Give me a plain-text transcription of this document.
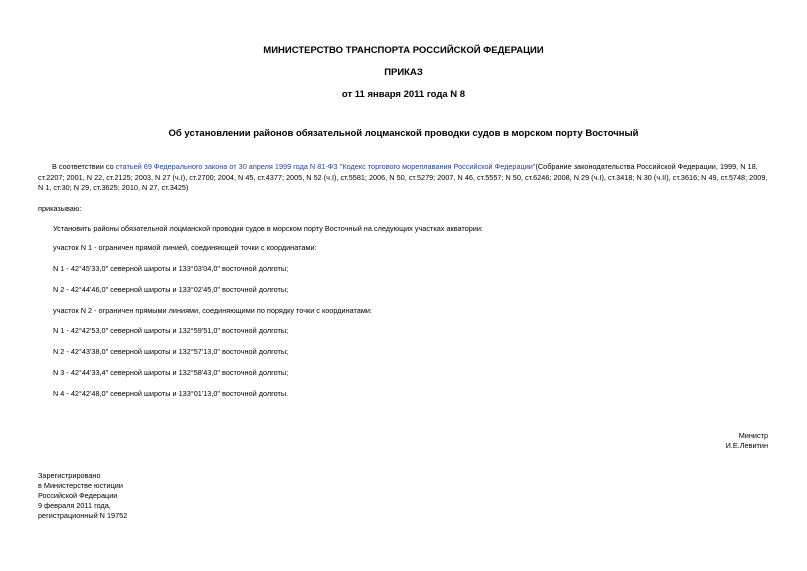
МИНИСТЕРСТВО ТРАНСПОРТА РОССИЙСКОЙ ФЕДЕРАЦИИ
ПРИКАЗ
от 11 января 2011 года N 8
Об установлении районов обязательной лоцманской проводки судов в морском порту Восточный
В соответствии со статьей 69 Федерального закона от 30 апреля 1999 года N 81-ФЗ "Кодекс торгового мореплавания Российской Федерации"(Собрание законодательства Российской Федерации, 1999, N 18, ст.2207; 2001, N 22, ст.2125; 2003, N 27 (ч.I), ст.2700; 2004, N 45, ст.4377; 2005, N 52 (ч.I), ст.5581; 2006, N 50, ст.5279; 2007, N 46, ст.5557; N 50, ст.6246; 2008, N 29 (ч.I), ст.3418; N 30 (ч.II), ст.3616; N 49, ст.5748; 2009, N 1, ст.30; N 29, ст.3625; 2010, N 27, ст.3425)
приказываю:
Установить районы обязательной лоцманской проводки судов в морском порту Восточный на следующих участках акватории:
участок N 1 - ограничен прямой линией, соединяющей точки с координатами:
N 1 - 42°45'33,0" северной широты и 133°03'04,0" восточной долготы;
N 2 - 42°44'46,0" северной широты и 133°02'45,0" восточной долготы;
участок N 2 - ограничен прямыми линиями, соединяющими по порядку точки с координатами:
N 1 - 42°42'53,0" северной широты и 132°59'51,0" восточной долготы;
N 2 - 42°43'38,0" северной широты и 132°57'13,0" восточной долготы;
N 3 - 42°44'33,4" северной широты и 132°58'43,0" восточной долготы;
N 4 - 42°42'48,0" северной широты и 133°01'13,0" восточной долготы.
Министр
И.Е.Левитин
Зарегистрировано
в Министерстве юстиции
Российской Федерации
9 февраля 2011 года,
регистрационный N 19752
